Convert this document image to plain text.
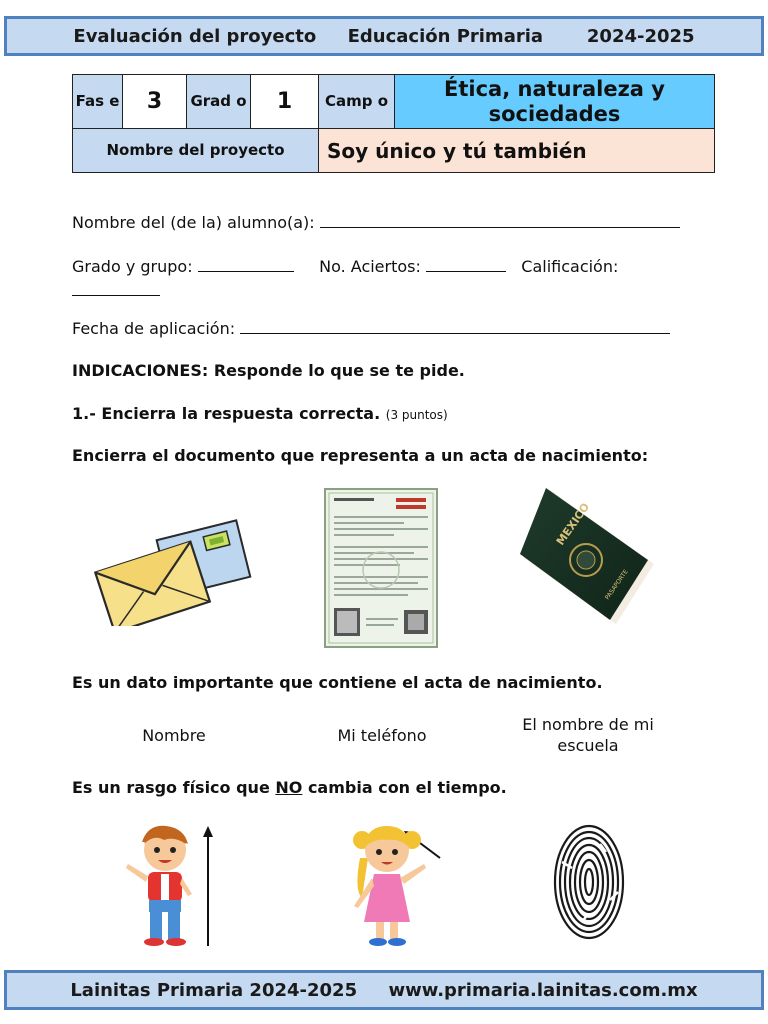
Evaluación del proyecto
Educación Primaria
2024-2025
Fas e	3	Grad o	1	Camp o	Ética, naturaleza y sociedades
Nombre del proyecto				Soy único y tú también	
Nombre del (de la) alumno(a):
Grado y grupo:	No. Aciertos:	Calificación:
Fecha de aplicación:
INDICACIONES: Responde lo que se te pide.
1.- Encierra la respuesta correcta. (3 puntos)
Encierra el documento que representa a un acta de nacimiento:
MEXICO
PASAPORTE
Es un dato importante que contiene el acta de nacimiento.
Nombre	Mi teléfono
El nombre de mi escuela
Es un rasgo físico que NO cambia con el tiempo.
Lainitas Primaria 2024-2025
www.primaria.lainitas.com.mx
